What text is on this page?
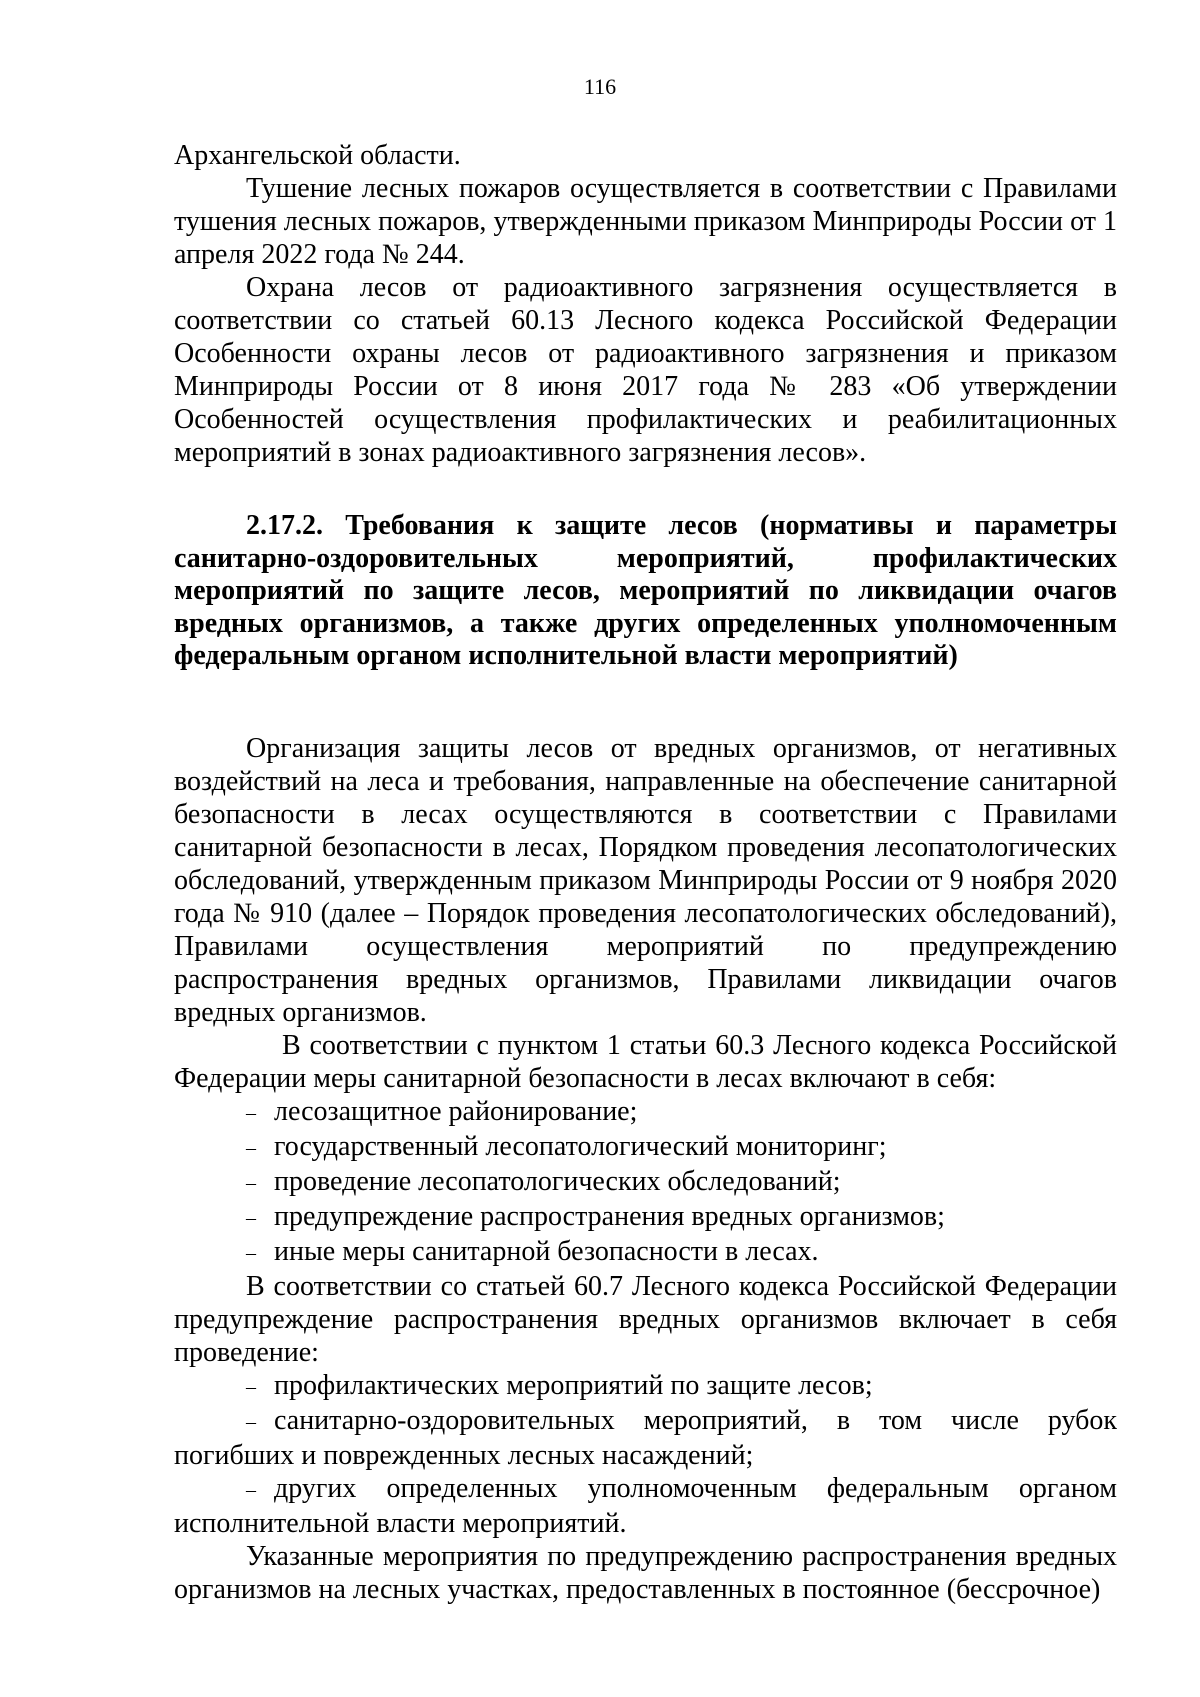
116

Архангельской области.

Тушение лесных пожаров осуществляется в соответствии с Правилами тушения лесных пожаров, утвержденными приказом Минприроды России от 1 апреля 2022 года № 244.

Охрана лесов от радиоактивного загрязнения осуществляется в соответствии со статьей 60.13 Лесного кодекса Российской Федерации Особенности охраны лесов от радиоактивного загрязнения и приказом Минприроды России от 8 июня 2017 года № 283 «Об утверждении Особенностей осуществления профилактических и реабилитационных мероприятий в зонах радиоактивного загрязнения лесов».

2.17.2. Требования к защите лесов (нормативы и параметры санитарно-оздоровительных мероприятий, профилактических мероприятий по защите лесов, мероприятий по ликвидации очагов вредных организмов, а также других определенных уполномоченным федеральным органом исполнительной власти мероприятий)

Организация защиты лесов от вредных организмов, от негативных воздействий на леса и требования, направленные на обеспечение санитарной безопасности в лесах осуществляются в соответствии с Правилами санитарной безопасности в лесах, Порядком проведения лесопатологических обследований, утвержденным приказом Минприроды России от 9 ноября 2020 года № 910 (далее – Порядок проведения лесопатологических обследований), Правилами осуществления мероприятий по предупреждению распространения вредных организмов, Правилами ликвидации очагов вредных организмов.

В соответствии с пунктом 1 статьи 60.3 Лесного кодекса Российской Федерации меры санитарной безопасности в лесах включают в себя:

– лесозащитное районирование;

– государственный лесопатологический мониторинг;

– проведение лесопатологических обследований;

– предупреждение распространения вредных организмов;

– иные меры санитарной безопасности в лесах.

В соответствии со статьей 60.7 Лесного кодекса Российской Федерации предупреждение распространения вредных организмов включает в себя проведение:

– профилактических мероприятий по защите лесов;

– санитарно-оздоровительных мероприятий, в том числе рубок погибших и поврежденных лесных насаждений;

– других определенных уполномоченным федеральным органом исполнительной власти мероприятий.

Указанные мероприятия по предупреждению распространения вредных организмов на лесных участках, предоставленных в постоянное (бессрочное)
